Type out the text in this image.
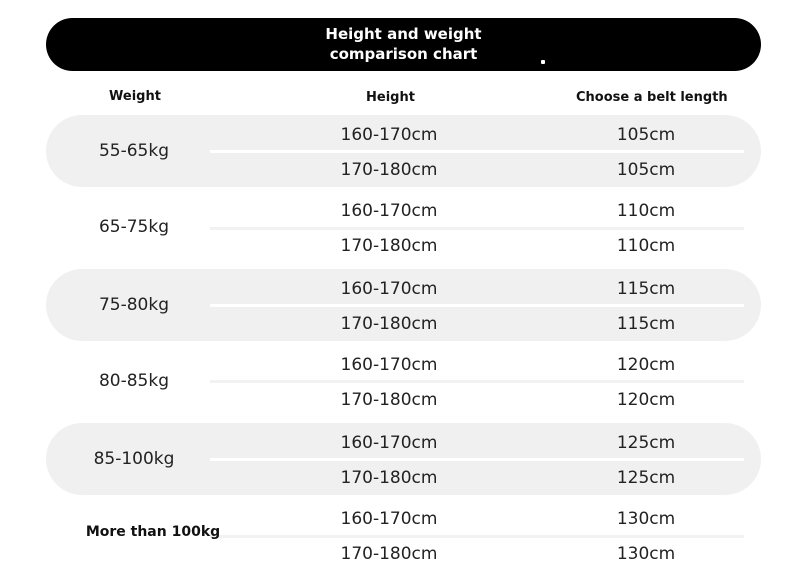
Height and weight
comparison chart
Weight	Height	Choose a belt length
55-65kg
160-170cm	105cm
170-180cm	105cm
65-75kg
160-170cm	110cm
170-180cm	110cm
75-80kg
160-170cm	115cm
170-180cm	115cm
80-85kg
160-170cm	120cm
170-180cm	120cm
85-100kg
160-170cm	125cm
170-180cm	125cm
More than 100kg
160-170cm	130cm
170-180cm	130cm
